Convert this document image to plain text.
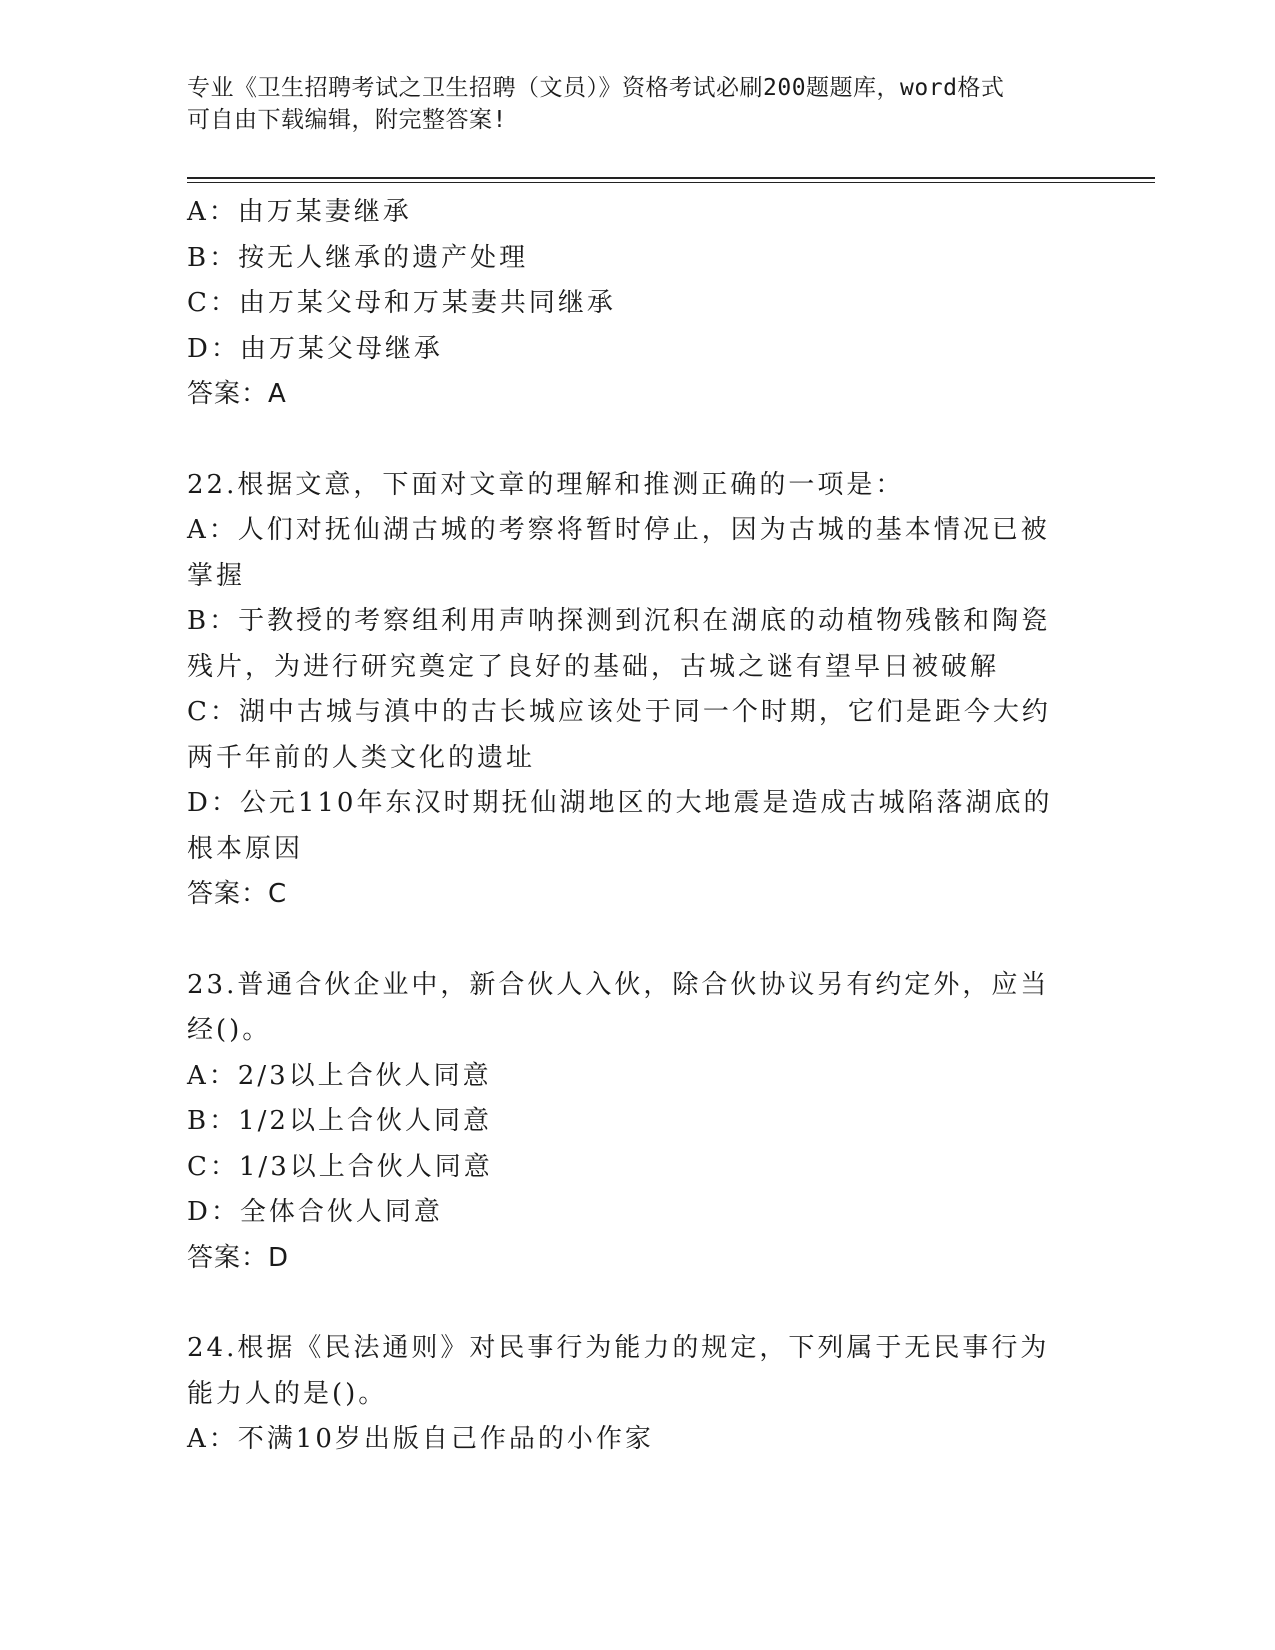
专业《卫生招聘考试之卫生招聘（文员）》资格考试必刷200题题库，word格式
可自由下载编辑，附完整答案!

A：由万某妻继承

B：按无人继承的遗产处理

C：由万某父母和万某妻共同继承

D：由万某父母继承

答案：A

22.根据文意，下面对文章的理解和推测正确的一项是：

A：人们对抚仙湖古城的考察将暂时停止，因为古城的基本情况已被掌握

B：于教授的考察组利用声呐探测到沉积在湖底的动植物残骸和陶瓷残片，为进行研究奠定了良好的基础，古城之谜有望早日被破解

C：湖中古城与滇中的古长城应该处于同一个时期，它们是距今大约两千年前的人类文化的遗址

D：公元110年东汉时期抚仙湖地区的大地震是造成古城陷落湖底的根本原因

答案：C

23.普通合伙企业中，新合伙人入伙，除合伙协议另有约定外，应当经()。

A：2/3以上合伙人同意

B：1/2以上合伙人同意

C：1/3以上合伙人同意

D：全体合伙人同意

答案：D

24.根据《民法通则》对民事行为能力的规定，下列属于无民事行为能力人的是()。

A：不满10岁出版自己作品的小作家
